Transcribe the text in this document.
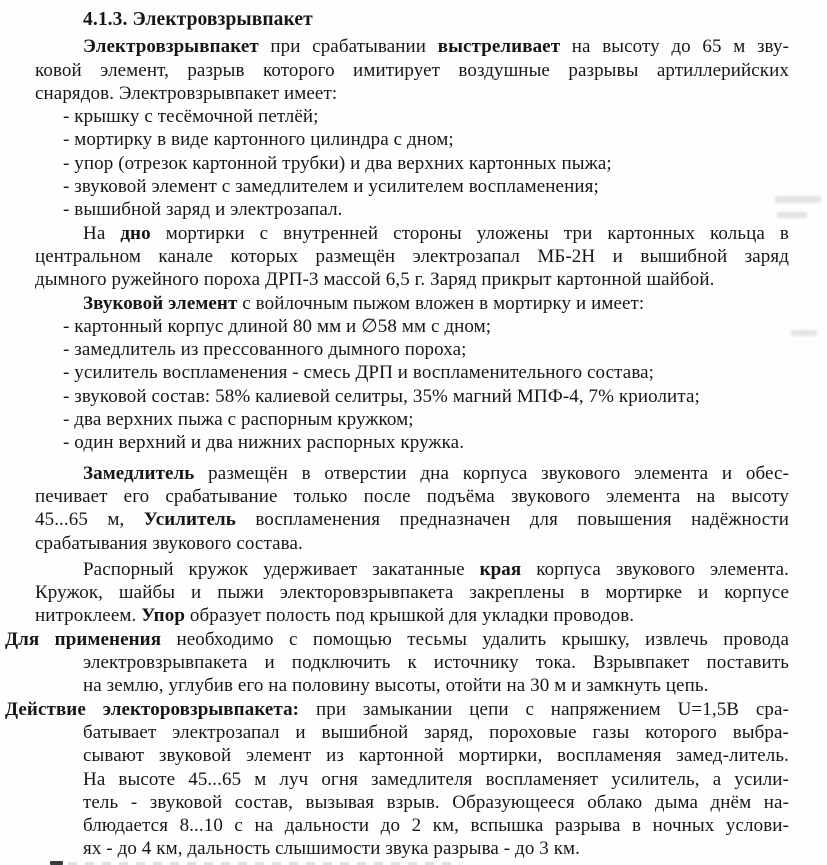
4.1.3. Электровзрывпакет
Электровзрывпакет при срабатывании выстреливает на высоту до 65 м зву-
ковой элемент, разрыв которого имитирует воздушные разрывы артиллерийских
снарядов. Электровзрывпакет имеет:
- крышку с тесёмочной петлёй;
- мортирку в виде картонного цилиндра с дном;
- упор (отрезок картонной трубки) и два верхних картонных пыжа;
- звуковой элемент с замедлителем и усилителем воспламенения;
- вышибной заряд и электрозапал.
На дно мортирки с внутренней стороны уложены три картонных кольца в
центральном канале которых размещён электрозапал МБ-2Н и вышибной заряд
дымного ружейного пороха ДРП-3 массой 6,5 г. Заряд прикрыт картонной шайбой.
Звуковой элемент с войлочным пыжом вложен в мортирку и имеет:
- картонный корпус длиной 80 мм и ∅58 мм с дном;
- замедлитель из прессованного дымного пороха;
- усилитель воспламенения - смесь ДРП и воспламенительного состава;
- звуковой состав: 58% калиевой селитры, 35% магний МПФ-4, 7% криолита;
- два верхних пыжа с распорным кружком;
- один верхний и два нижних распорных кружка.
Замедлитель размещён в отверстии дна корпуса звукового элемента и обес-
печивает его срабатывание только после подъёма звукового элемента на высоту
45...65 м, Усилитель воспламенения предназначен для повышения надёжности
срабатывания звукового состава.
Распорный кружок удерживает закатанные края корпуса звукового элемента.
Кружок, шайбы и пыжи электоровзрывпакета закреплены в мортирке и корпусе
нитроклеем. Упор образует полость под крышкой для укладки проводов.
Для применения необходимо с помощью тесьмы удалить крышку, извлечь провода
электровзрывпакета и подключить к источнику тока. Взрывпакет поставить
на землю, углубив его на половину высоты, отойти на 30 м и замкнуть цепь.
Действие электоровзрывпакета: при замыкании цепи с напряжением U=1,5В сра-
батывает электрозапал и вышибной заряд, пороховые газы которого выбра-
сывают звуковой элемент из картонной мортирки, воспламеняя замед-литель.
На высоте 45...65 м луч огня замедлителя воспламеняет усилитель, а усили-
тель - звуковой состав, вызывая взрыв. Образующееся облако дыма днём на-
блюдается 8...10 с на дальности до 2 км, вспышка разрыва в ночных услови-
ях - до 4 км, дальность слышимости звука разрыва - до 3 км.
